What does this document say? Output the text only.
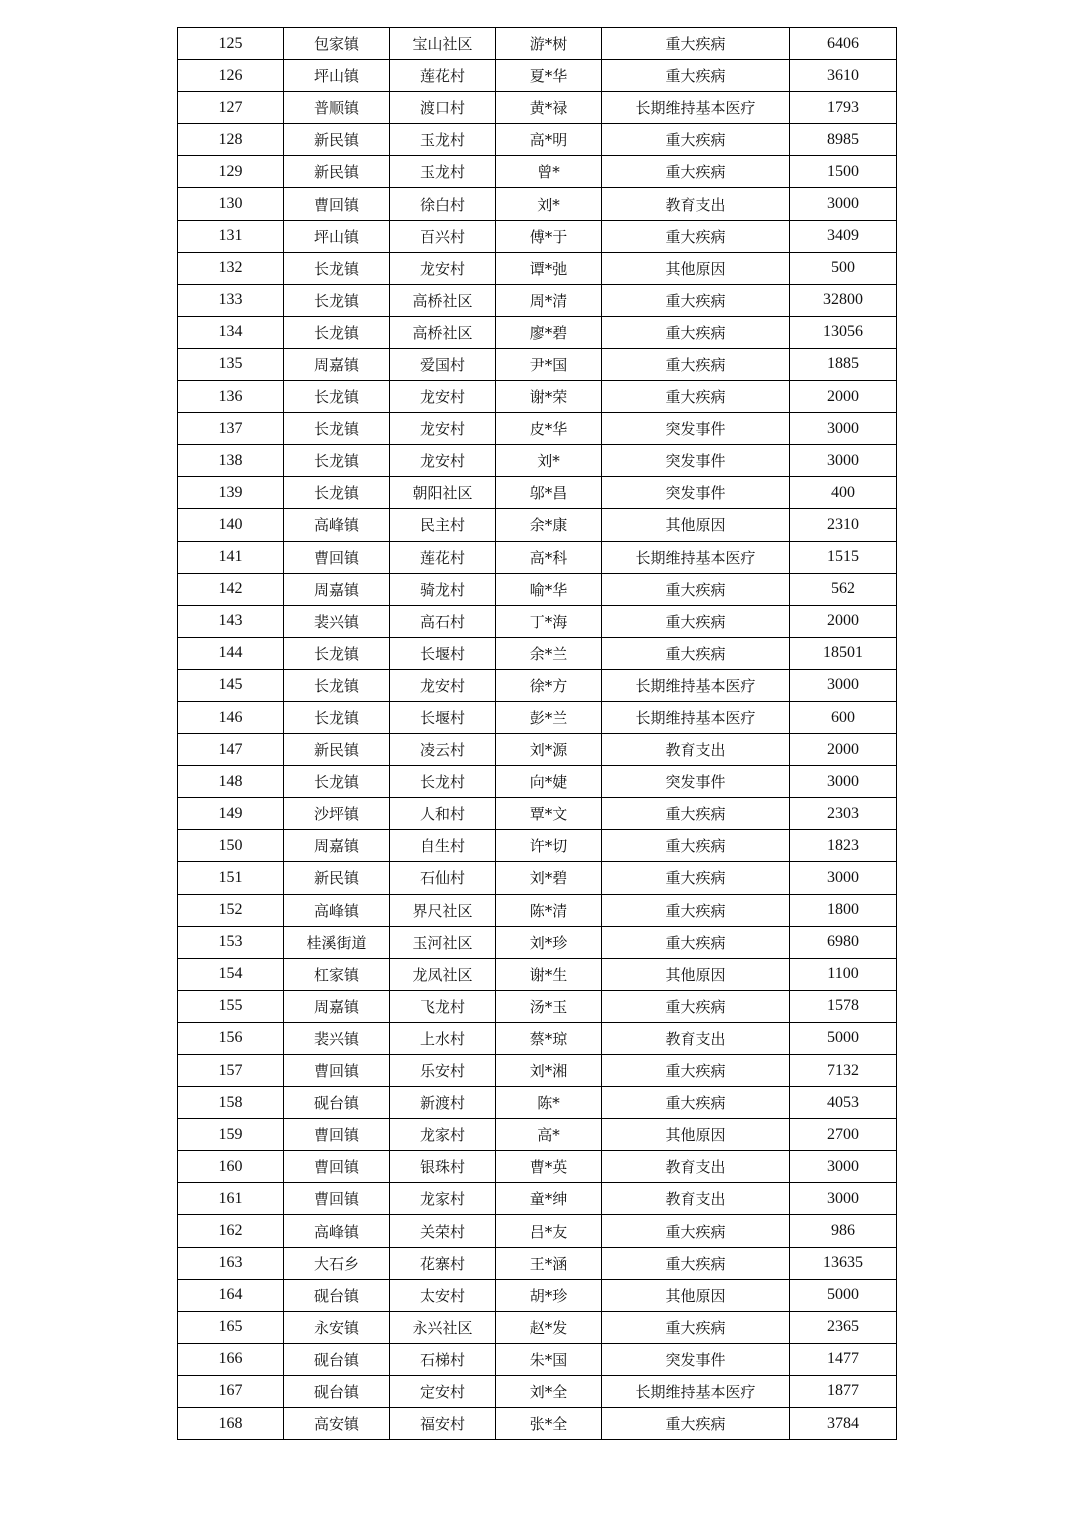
125	包家镇	宝山社区	游*树	重大疾病	6406
126	坪山镇	莲花村	夏*华	重大疾病	3610
127	普顺镇	渡口村	黄*禄	长期维持基本医疗	1793
128	新民镇	玉龙村	高*明	重大疾病	8985
129	新民镇	玉龙村	曾*	重大疾病	1500
130	曹回镇	徐白村	刘*	教育支出	3000
131	坪山镇	百兴村	傅*于	重大疾病	3409
132	长龙镇	龙安村	谭*弛	其他原因	500
133	长龙镇	高桥社区	周*清	重大疾病	32800
134	长龙镇	高桥社区	廖*碧	重大疾病	13056
135	周嘉镇	爱国村	尹*国	重大疾病	1885
136	长龙镇	龙安村	谢*荣	重大疾病	2000
137	长龙镇	龙安村	皮*华	突发事件	3000
138	长龙镇	龙安村	刘*	突发事件	3000
139	长龙镇	朝阳社区	邬*昌	突发事件	400
140	高峰镇	民主村	余*康	其他原因	2310
141	曹回镇	莲花村	高*科	长期维持基本医疗	1515
142	周嘉镇	骑龙村	喻*华	重大疾病	562
143	裴兴镇	高石村	丁*海	重大疾病	2000
144	长龙镇	长堰村	余*兰	重大疾病	18501
145	长龙镇	龙安村	徐*方	长期维持基本医疗	3000
146	长龙镇	长堰村	彭*兰	长期维持基本医疗	600
147	新民镇	凌云村	刘*源	教育支出	2000
148	长龙镇	长龙村	向*婕	突发事件	3000
149	沙坪镇	人和村	覃*文	重大疾病	2303
150	周嘉镇	自生村	许*切	重大疾病	1823
151	新民镇	石仙村	刘*碧	重大疾病	3000
152	高峰镇	界尺社区	陈*清	重大疾病	1800
153	桂溪街道	玉河社区	刘*珍	重大疾病	6980
154	杠家镇	龙凤社区	谢*生	其他原因	1100
155	周嘉镇	飞龙村	汤*玉	重大疾病	1578
156	裴兴镇	上水村	蔡*琼	教育支出	5000
157	曹回镇	乐安村	刘*湘	重大疾病	7132
158	砚台镇	新渡村	陈*	重大疾病	4053
159	曹回镇	龙家村	高*	其他原因	2700
160	曹回镇	银珠村	曹*英	教育支出	3000
161	曹回镇	龙家村	童*绅	教育支出	3000
162	高峰镇	关荣村	吕*友	重大疾病	986
163	大石乡	花寨村	王*涵	重大疾病	13635
164	砚台镇	太安村	胡*珍	其他原因	5000
165	永安镇	永兴社区	赵*发	重大疾病	2365
166	砚台镇	石梯村	朱*国	突发事件	1477
167	砚台镇	定安村	刘*全	长期维持基本医疗	1877
168	高安镇	福安村	张*全	重大疾病	3784
